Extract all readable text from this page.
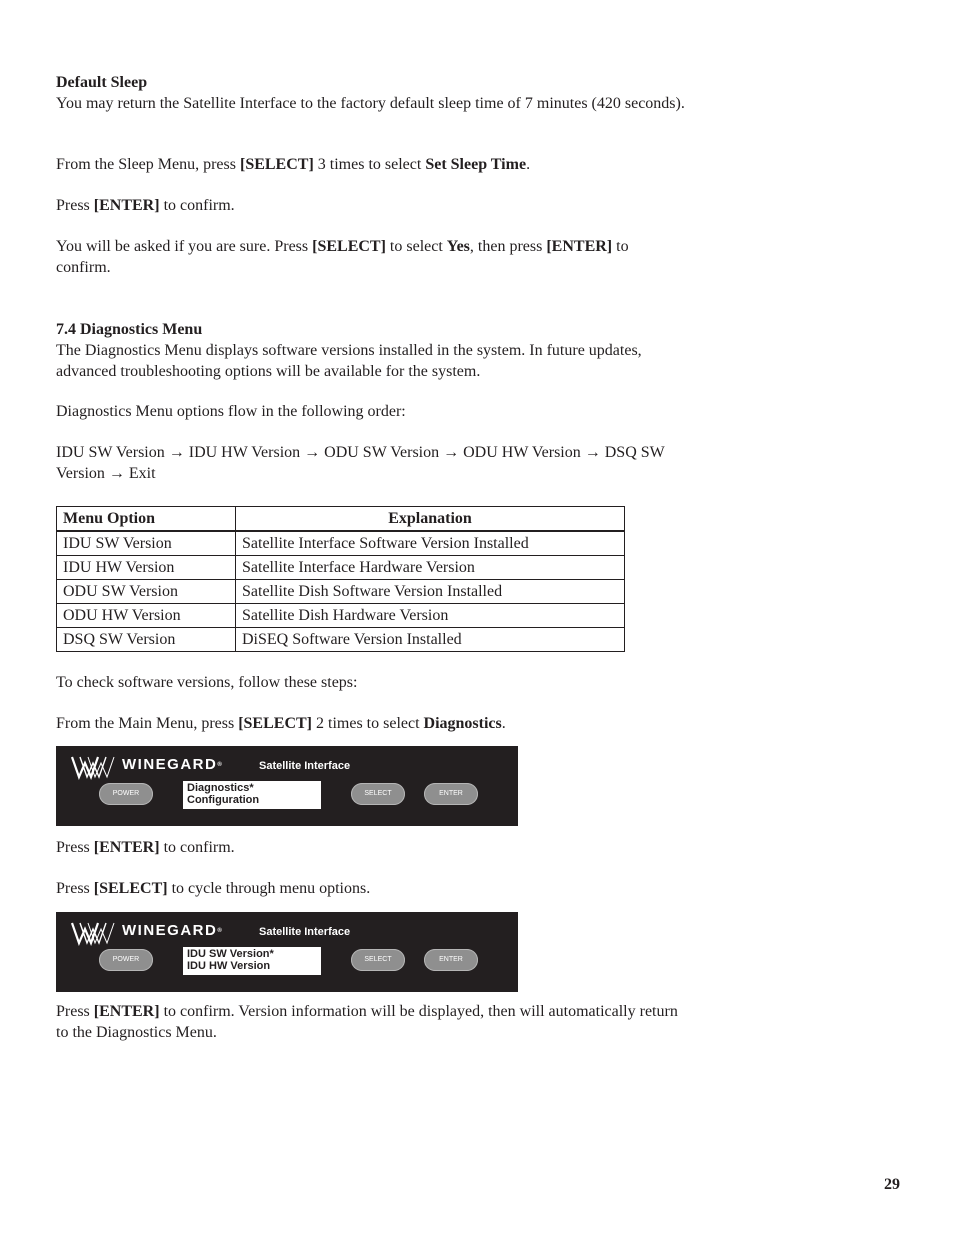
Default Sleep

You may return the Satellite Interface to the factory default sleep time of 7 minutes (420 seconds).

From the Sleep Menu, press [SELECT] 3 times to select Set Sleep Time.

Press [ENTER] to confirm.

You will be asked if you are sure. Press [SELECT] to select Yes, then press [ENTER] to confirm.

7.4 Diagnostics Menu

The Diagnostics Menu displays software versions installed in the system. In future updates, advanced troubleshooting options will be available for the system.

Diagnostics Menu options flow in the following order:

IDU SW Version → IDU HW Version → ODU SW Version → ODU HW Version → DSQ SW Version → Exit

Menu Option	Explanation
IDU SW Version	Satellite Interface Software Version Installed
IDU HW Version	Satellite Interface Hardware Version
ODU SW Version	Satellite Dish Software Version Installed
ODU HW Version	Satellite Dish Hardware Version
DSQ SW Version	DiSEQ Software Version Installed

To check software versions, follow these steps:

From the Main Menu, press [SELECT] 2 times to select Diagnostics.

WINEGARD®	Satellite Interface
POWER	Diagnostics*
Configuration
SELECT	ENTER

Press [ENTER] to confirm.

Press [SELECT] to cycle through menu options.

WINEGARD®	Satellite Interface
POWER	IDU SW Version*
IDU HW Version
SELECT	ENTER

Press [ENTER] to confirm. Version information will be displayed, then will automatically return to the Diagnostics Menu.

29
